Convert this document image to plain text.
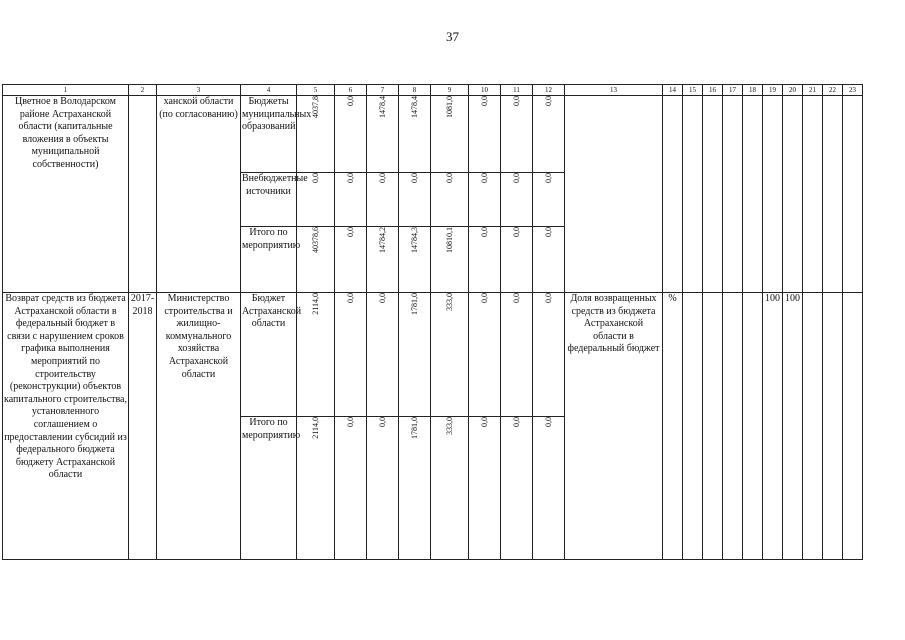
37
1	2	3	4	5	6	7	8	9	10	11	12	13	14	15	16	17	18	19	20	21	22	23
Цветное в Володарском районе Астраханской области (капитальные вложения в объекты муниципальной собственности)		ханской области (по согласованию)	Бюджеты муниципальных образований	4037,8	0,0	1478,4	1478,4	1081,0	0,0	0,0	0,0											

			Внебюджетные источники	0,0	0,0	0,0	0,0	0,0	0,0	0,0	0,0											

			Итого по мероприятию	40378,6	0,0	14784,2	14784,3	10810,1	0,0	0,0	0,0											

Возврат средств из бюджета Астраханской области в федеральный бюджет в связи с нарушением сроков графика выполнения мероприятий по строительству (реконструкции) объектов капитального строительства, установленного соглашением о предоставлении субсидий из федерального бюджета бюджету Астраханской области	2017-2018	Министерство строительства и жилищно-коммунального хозяйства Астраханской области	Бюджет Астраханской области	2114,0	0,0	0,0	1781,0	333,0	0,0	0,0	0,0	Доля возвращенных средств из бюджета Астраханской области в федеральный бюджет	%					100	100			
			Итого по мероприятию	2114,0	0,0	0,0	1781,0	333,0	0,0	0,0	0,0											
